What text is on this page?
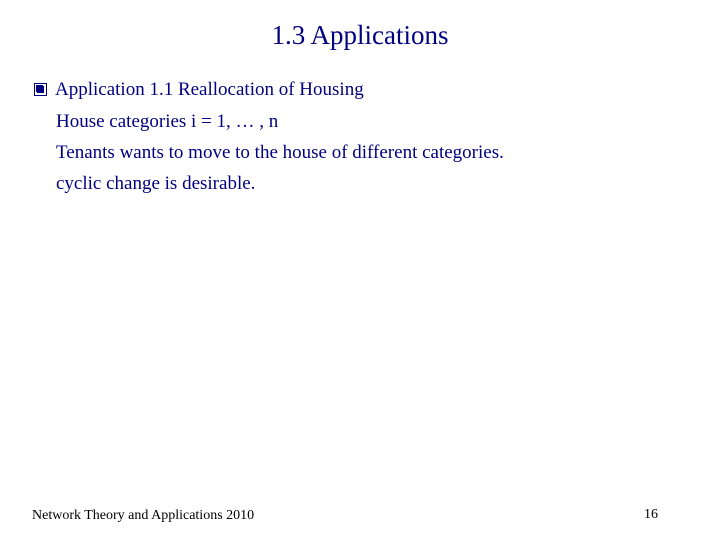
1.3 Applications
Application 1.1 Reallocation of Housing
House categories i = 1, … , n
Tenants wants to move to the house of different categories.
cyclic change is desirable.
Network Theory and Applications 2010	16
